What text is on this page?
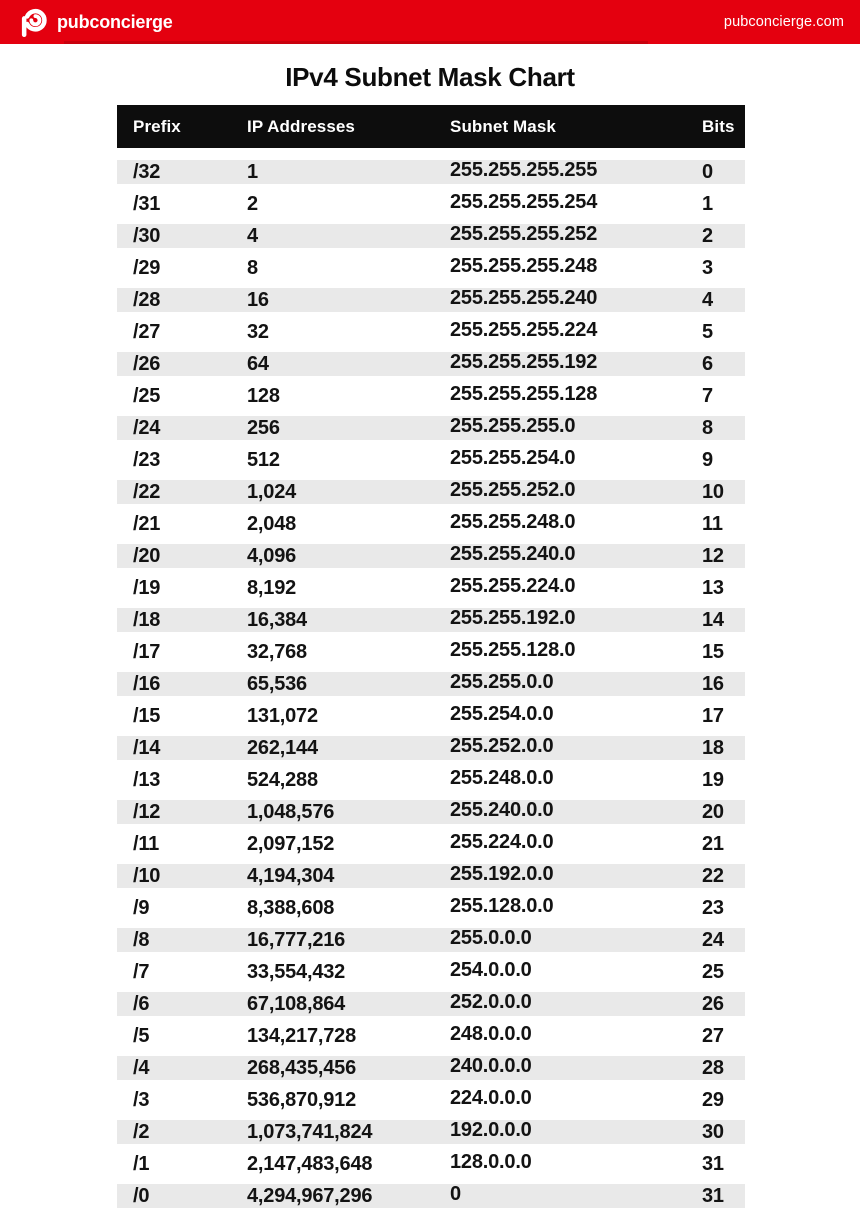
pubconcierge	pubconcierge.com
IPv4 Subnet Mask Chart
Prefix	IP Addresses	Subnet Mask	Bits
/32	1	255.255.255.255	0
/31	2	255.255.255.254	1
/30	4	255.255.255.252	2
/29	8	255.255.255.248	3
/28	16	255.255.255.240	4
/27	32	255.255.255.224	5
/26	64	255.255.255.192	6
/25	128	255.255.255.128	7
/24	256	255.255.255.0	8
/23	512	255.255.254.0	9
/22	1,024	255.255.252.0	10
/21	2,048	255.255.248.0	11
/20	4,096	255.255.240.0	12
/19	8,192	255.255.224.0	13
/18	16,384	255.255.192.0	14
/17	32,768	255.255.128.0	15
/16	65,536	255.255.0.0	16
/15	131,072	255.254.0.0	17
/14	262,144	255.252.0.0	18
/13	524,288	255.248.0.0	19
/12	1,048,576	255.240.0.0	20
/11	2,097,152	255.224.0.0	21
/10	4,194,304	255.192.0.0	22
/9	8,388,608	255.128.0.0	23
/8	16,777,216	255.0.0.0	24
/7	33,554,432	254.0.0.0	25
/6	67,108,864	252.0.0.0	26
/5	134,217,728	248.0.0.0	27
/4	268,435,456	240.0.0.0	28
/3	536,870,912	224.0.0.0	29
/2	1,073,741,824	192.0.0.0	30
/1	2,147,483,648	128.0.0.0	31
/0	4,294,967,296	0	31
